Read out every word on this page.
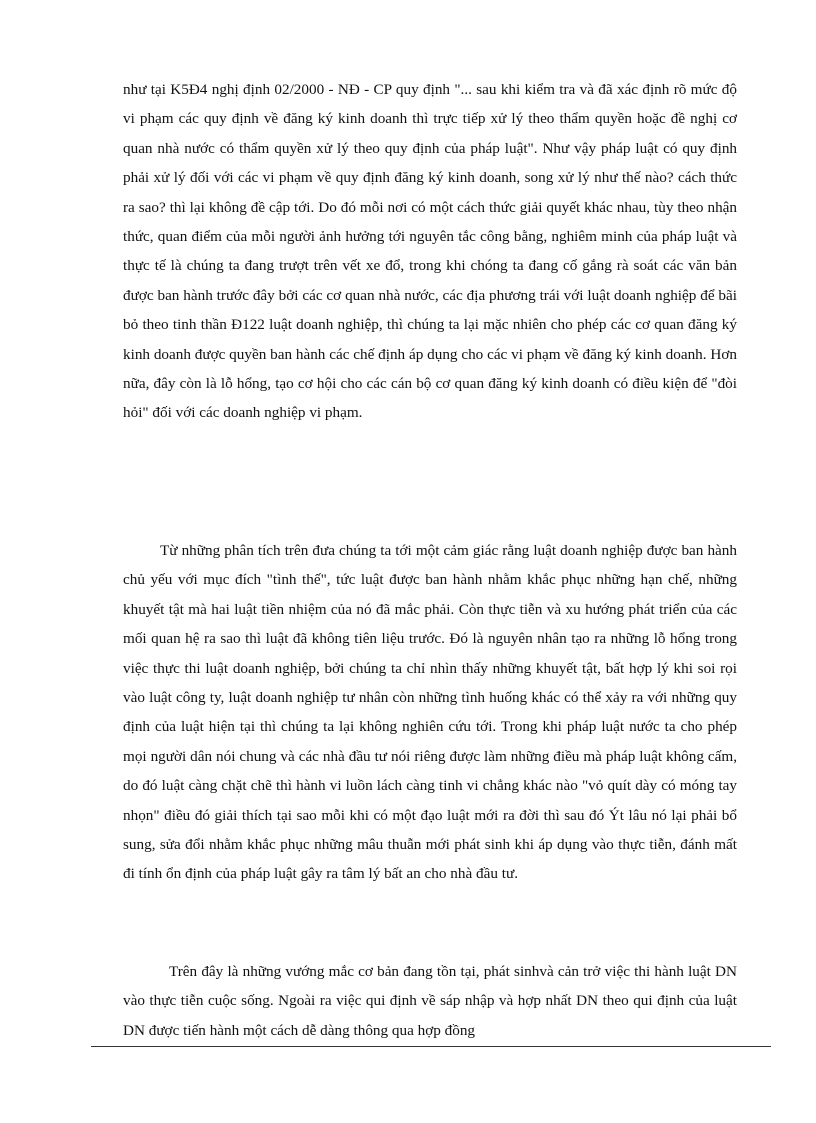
như tại K5Đ4 nghị định 02/2000 - NĐ - CP quy định "... sau khi kiểm tra và đã xác định rõ mức độ vi phạm các quy định về đăng ký kinh doanh thì trực tiếp xử lý theo thẩm quyền hoặc đề nghị cơ quan nhà nước có thẩm quyền xử lý theo quy định của pháp luật". Như vậy pháp luật có quy định phải xử lý đối với các vi phạm về quy định đăng ký kinh doanh, song xử lý như thế nào? cách thức ra sao? thì lại không đề cập tới. Do đó mỗi nơi có một cách thức giải quyết khác nhau, tùy theo nhận thức, quan điểm của mỗi người ảnh hưởng tới nguyên tắc công bằng, nghiêm minh của pháp luật và thực tế là chúng ta đang trượt trên vết xe đổ, trong khi chóng ta đang cố gắng rà soát các văn bản được ban hành trước đây bởi các cơ quan nhà nước, các địa phương trái với luật doanh nghiệp để bãi bỏ theo tinh thần Đ122 luật doanh nghiệp, thì chúng ta lại mặc nhiên cho phép các cơ quan đăng ký kinh doanh được quyền ban hành các chế định áp dụng cho các vi phạm về đăng ký kinh doanh. Hơn nữa, đây còn là lỗ hổng, tạo cơ hội cho các cán bộ cơ quan đăng ký kinh doanh có điều kiện để "đòi hỏi" đối với các doanh nghiệp vi phạm.

Từ những phân tích trên đưa chúng ta tới một cảm giác rằng luật doanh nghiệp được ban hành chủ yếu với mục đích "tình thế", tức luật được ban hành nhằm khắc phục những hạn chế, những khuyết tật mà hai luật tiền nhiệm của nó đã mắc phải. Còn thực tiễn và xu hướng phát triển của các mối quan hệ ra sao thì luật đã không tiên liệu trước. Đó là nguyên nhân tạo ra những lỗ hổng trong việc thực thi luật doanh nghiệp, bởi chúng ta chỉ nhìn thấy những khuyết tật, bất hợp lý khi soi rọi vào luật công ty, luật doanh nghiệp tư nhân còn những tình huống khác có thể xảy ra với những quy định của luật hiện tại thì chúng ta lại không nghiên cứu tới. Trong khi pháp luật nước ta cho phép mọi người dân nói chung và các nhà đầu tư nói riêng được làm những điều mà pháp luật không cấm, do đó luật càng chặt chẽ thì hành vi luồn lách càng tinh vi chẳng khác nào "vỏ quít dày có móng tay nhọn" điều đó giải thích tại sao mỗi khi có một đạo luật mới ra đời thì sau đó Ýt lâu nó lại phải bổ sung, sửa đổi nhằm khắc phục những mâu thuẫn mới phát sinh khi áp dụng vào thực tiễn, đánh mất đi tính ổn định của pháp luật gây ra tâm lý bất an cho nhà đầu tư.

Trên đây là những vướng mắc cơ bản đang tồn tại, phát sinhvà cản trở việc thi hành luật DN vào thực tiễn cuộc sống. Ngoài ra việc qui định về sáp nhập và hợp nhất DN theo qui định của luật DN được tiến hành một cách dễ dàng thông qua hợp đồng
